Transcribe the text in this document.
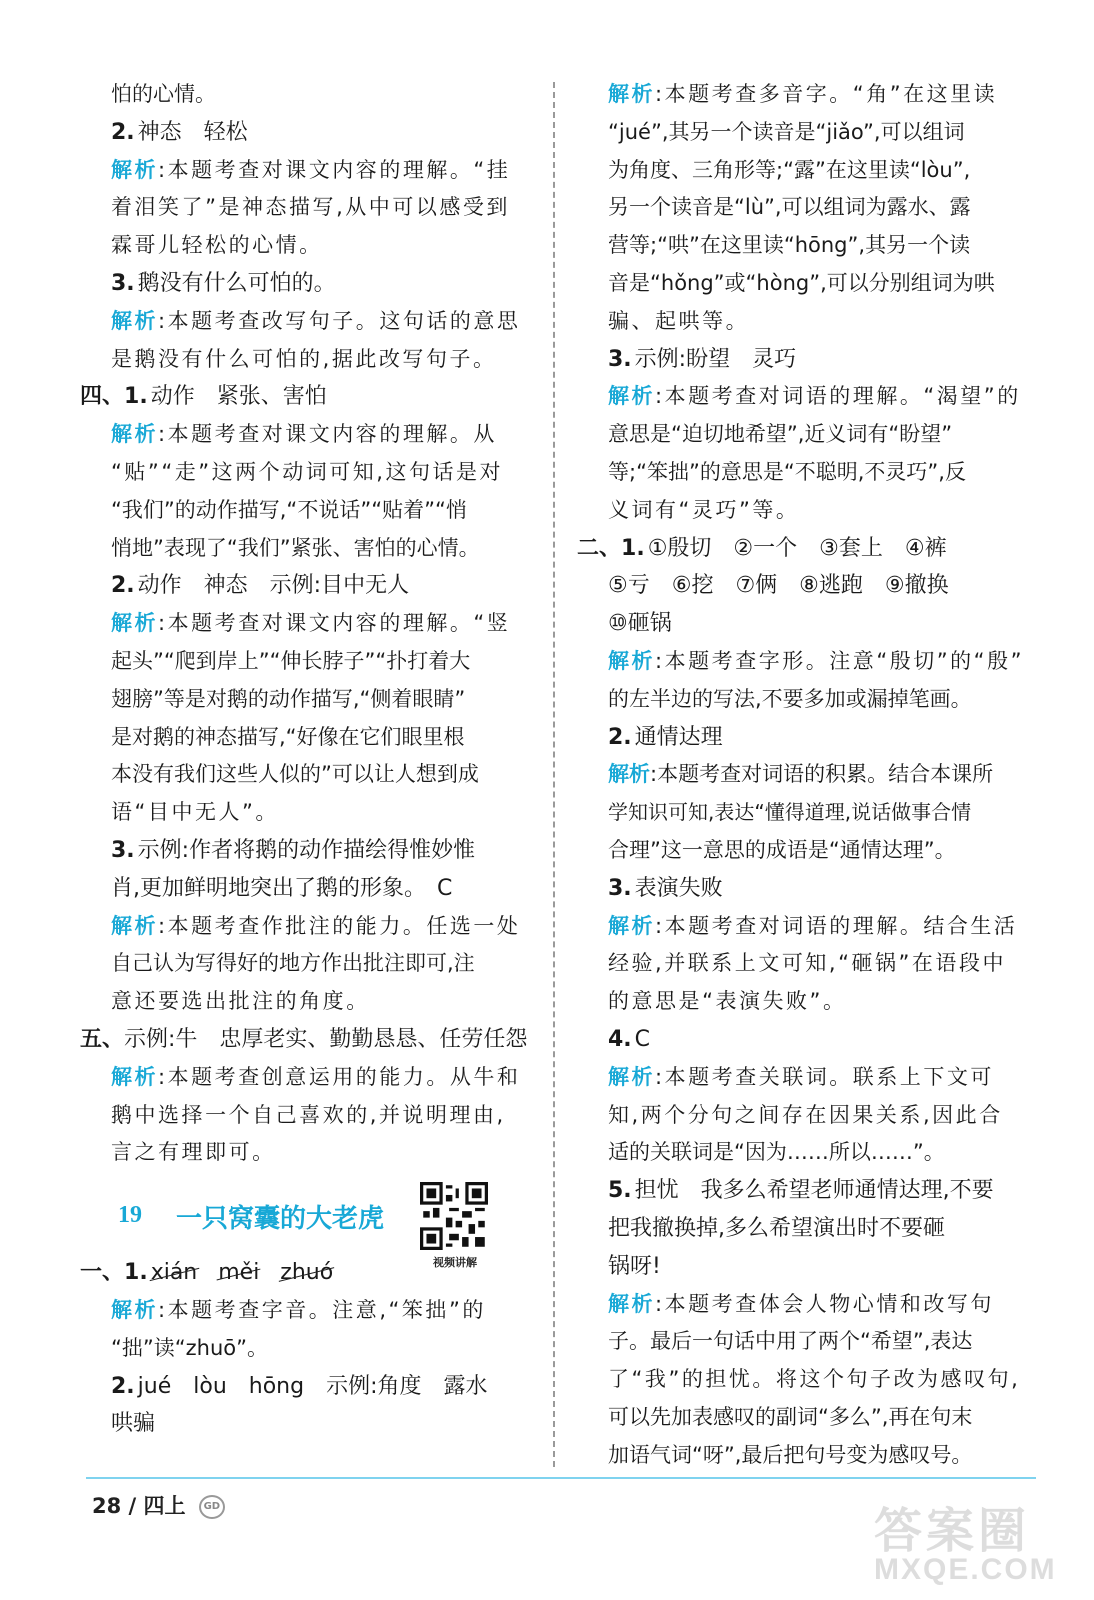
怕的心情。
2. 神态　轻松
解析:本题考查对课文内容的理解。“挂
着泪笑了”是神态描写,从中可以感受到
霖哥儿轻松的心情。
3. 鹅没有什么可怕的。
解析:本题考查改写句子。这句话的意思
是鹅没有什么可怕的,据此改写句子。
四、1. 动作　紧张、害怕
解析:本题考查对课文内容的理解。从
“贴”“走”这两个动词可知,这句话是对
“我们”的动作描写,“不说话”“贴着”“悄
悄地”表现了“我们”紧张、害怕的心情。
2. 动作　神态　示例:目中无人
解析:本题考查对课文内容的理解。“竖
起头”“爬到岸上”“伸长脖子”“扑打着大
翅膀”等是对鹅的动作描写,“侧着眼睛”
是对鹅的神态描写,“好像在它们眼里根
本没有我们这些人似的”可以让人想到成
语“目中无人”。
3. 示例:作者将鹅的动作描绘得惟妙惟
肖,更加鲜明地突出了鹅的形象。　C
解析:本题考查作批注的能力。任选一处
自己认为写得好的地方作出批注即可,注
意还要选出批注的角度。
五、示例:牛　忠厚老实、勤勤恳恳、任劳任怨
解析:本题考查创意运用的能力。从牛和
鹅中选择一个自己喜欢的,并说明理由,
言之有理即可。
19 一只窝囊的大老虎
视频讲解
一、1. xián měi zhuó
解析:本题考查字音。注意,“笨拙”的
“拙”读“zhuō”。
2. jué　lòu　hōng　示例:角度　露水
哄骗
解析:本题考查多音字。“角”在这里读
“jué”,其另一个读音是“jiǎo”,可以组词
为角度、三角形等;“露”在这里读“lòu”,
另一个读音是“lù”,可以组词为露水、露
营等;“哄”在这里读“hōng”,其另一个读
音是“hǒng”或“hòng”,可以分别组词为哄
骗、起哄等。
3. 示例:盼望　灵巧
解析:本题考查对词语的理解。“渴望”的
意思是“迫切地希望”,近义词有“盼望”
等;“笨拙”的意思是“不聪明,不灵巧”,反
义词有“灵巧”等。
二、1. ①殷切　②一个　③套上　④裤
⑤亏　⑥挖　⑦俩　⑧逃跑　⑨撤换
⑩砸锅
解析:本题考查字形。注意“殷切”的“殷”
的左半边的写法,不要多加或漏掉笔画。
2. 通情达理
解析:本题考查对词语的积累。结合本课所
学知识可知,表达“懂得道理,说话做事合情
合理”这一意思的成语是“通情达理”。
3. 表演失败
解析:本题考查对词语的理解。结合生活
经验,并联系上文可知,“砸锅”在语段中
的意思是“表演失败”。
4. C
解析:本题考查关联词。联系上下文可
知,两个分句之间存在因果关系,因此合
适的关联词是“因为……所以……”。
5. 担忧　我多么希望老师通情达理,不要
把我撤换掉,多么希望演出时不要砸
锅呀!
解析:本题考查体会人物心情和改写句
子。最后一句话中用了两个“希望”,表达
了“我”的担忧。将这个句子改为感叹句,
可以先加表感叹的副词“多么”,再在句末
加语气词“呀”,最后把句号变为感叹号。
28 / 四上 GD	答案圈
MXQE.COM
